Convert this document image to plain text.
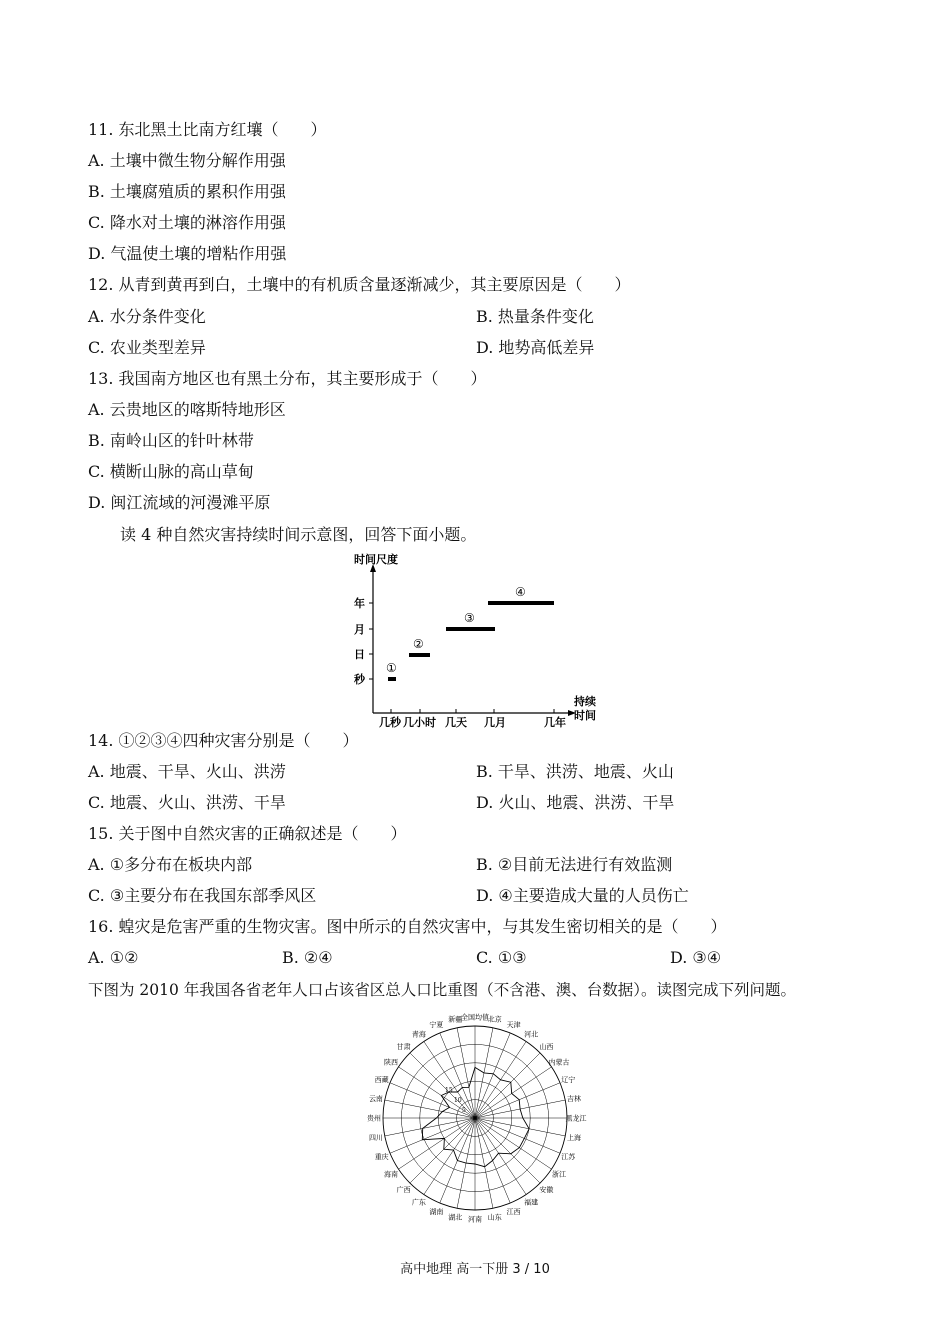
11. 东北黑土比南方红壤（　　）
A. 土壤中微生物分解作用强
B. 土壤腐殖质的累积作用强
C. 降水对土壤的淋溶作用强
D. 气温使土壤的增粘作用强
12. 从青到黄再到白，土壤中的有机质含量逐渐减少，其主要原因是（　　）
A. 水分条件变化	B. 热量条件变化
C. 农业类型差异	D. 地势高低差异
13. 我国南方地区也有黑土分布，其主要形成于（　　）
A. 云贵地区的喀斯特地形区
B. 南岭山区的针叶林带
C. 横断山脉的高山草甸
D. 闽江流域的河漫滩平原
读 4 种自然灾害持续时间示意图，回答下面小题。
时间尺度
持续
时间
年
月
日
秒
几秒 几小时 几天 几月	几年
①
②
③
④
14. ①②③④四种灾害分别是（　　）
A. 地震、干旱、火山、洪涝	B. 干旱、洪涝、地震、火山
C. 地震、火山、洪涝、干旱	D. 火山、地震、洪涝、干旱
15. 关于图中自然灾害的正确叙述是（　　）
A. ①多分布在板块内部	B. ②目前无法进行有效监测
C. ③主要分布在我国东部季风区	D. ④主要造成大量的人员伤亡
16. 蝗灾是危害严重的生物灾害。图中所示的自然灾害中，与其发生密切相关的是（　　）
A. ①②	B. ②④	C. ①③	D. ③④
下图为 2010 年我国各省老年人口占该省区总人口比重图（不含港、澳、台数据）。读图完成下列问题。
全国均值
北京
天津
河北
山西
内蒙古
辽宁
吉林
黑龙江
上海
江苏
浙江
安徽
福建
江西
山东
河南
湖北
湖南
广东
广西
海南
重庆
四川
贵州
云南
西藏
陕西
甘肃
青海
宁夏
新疆
15
10
5
高中地理 高一下册 3 / 10
